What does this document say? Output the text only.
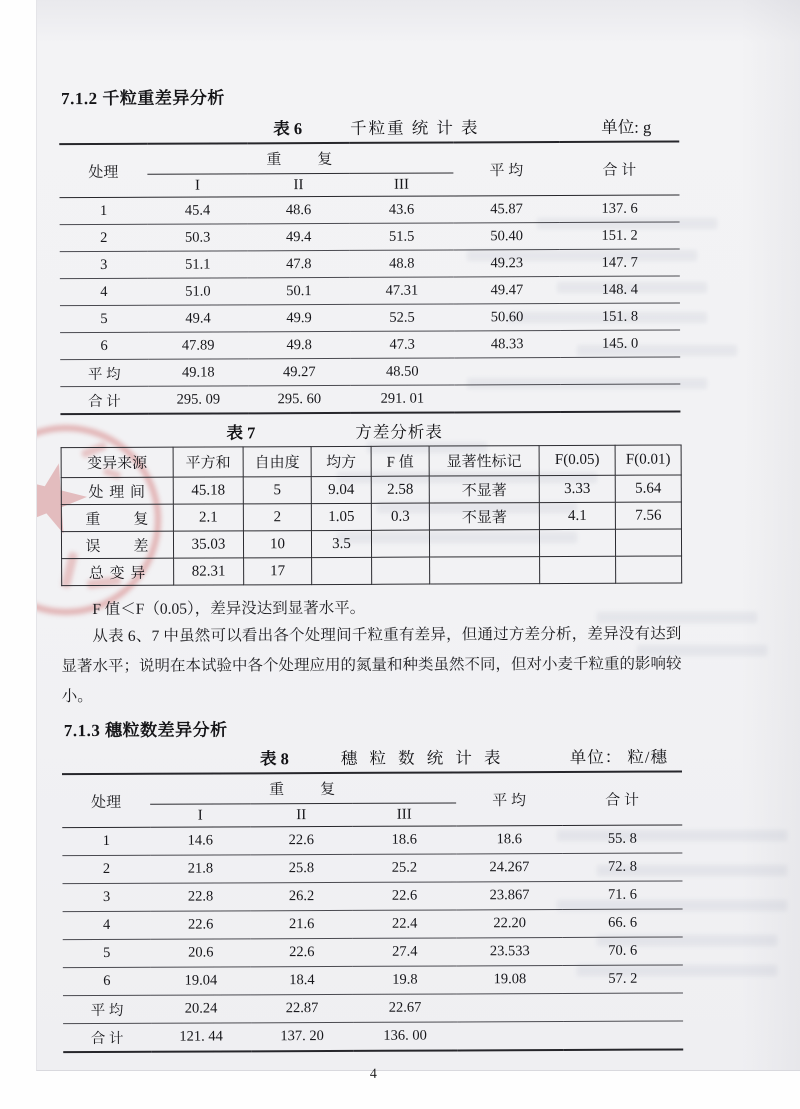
7.1.2 千粒重差异分析

表 6	千粒重 统 计 表	单位: g
处理	重　　复			平 均	合 计
	I	II	III		
1	45.4	48.6	43.6	45.87	137. 6
2	50.3	49.4	51.5	50.40	151. 2
3	51.1	47.8	48.8	49.23	147. 7
4	51.0	50.1	47.31	49.47	148. 4
5	49.4	49.9	52.5	50.60	151. 8
6	47.89	49.8	47.3	48.33	145. 0
平 均	49.18	49.27	48.50		
合 计	295. 09	295. 60	291. 01		
表 7	方差分析表
变异来源	平方和	自由度	均方	F 值	显著性标记	F(0.05)	F(0.01)
处 理 间	45.18	5	9.04	2.58	不显著	3.33	5.64
重　　复	2.1	2	1.05	0.3	不显著	4.1	7.56
误　　差	35.03	10	3.5				
总 变 异	82.31	17					

F 值＜F（0.05），差异没达到显著水平。

从表 6、7 中虽然可以看出各个处理间千粒重有差异，但通过方差分析，差异没有达到显著水平；说明在本试验中各个处理应用的氮量和种类虽然不同，但对小麦千粒重的影响较小。

7.1.3 穗粒数差异分析

表 8	穗 粒 数 统 计 表	单位： 粒/穗
处理	重　　复			平 均	合 计
	I	II	III		
1	14.6	22.6	18.6	18.6	55. 8
2	21.8	25.8	25.2	24.267	72. 8
3	22.8	26.2	22.6	23.867	71. 6
4	22.6	21.6	22.4	22.20	66. 6
5	20.6	22.6	27.4	23.533	70. 6
6	19.04	18.4	19.8	19.08	57. 2
平 均	20.24	22.87	22.67		
合 计	121. 44	137. 20	136. 00		

4
